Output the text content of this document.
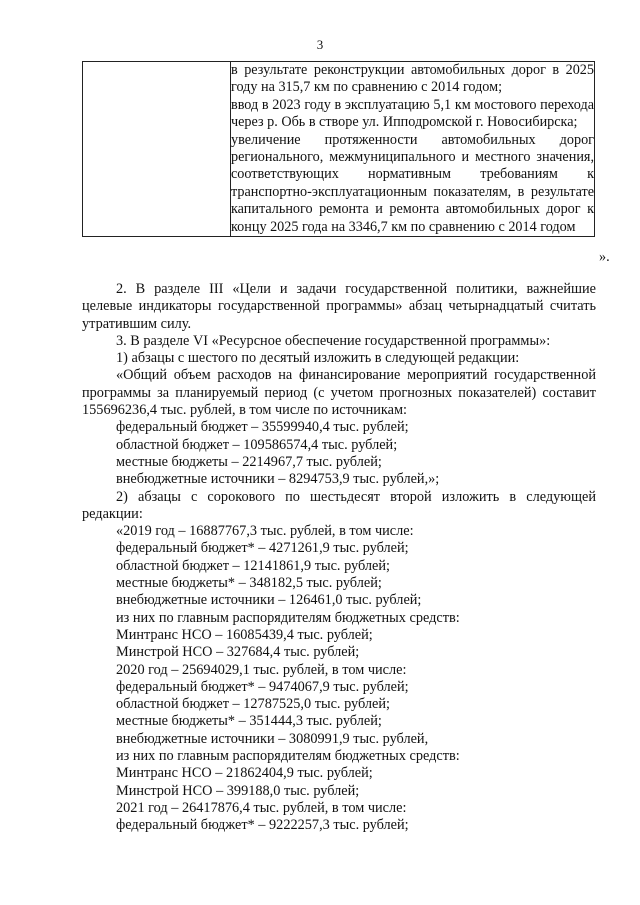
3

в результате реконструкции автомобильных дорог в 2025 году на 315,7 км по сравнению с 2014 годом;

ввод в 2023 году в эксплуатацию 5,1 км мостового перехода через р. Обь в створе ул. Ипподромской г. Новосибирска;

увеличение протяженности автомобильных дорог регионального, межмуниципального и местного значения, соответствующих нормативным требованиям к транспортно-эксплуатационным показателям, в результате капитального ремонта и ремонта автомобильных дорог к концу 2025 года на 3346,7 км по сравнению с 2014 годом

».

2. В разделе III «Цели и задачи государственной политики, важнейшие целевые индикаторы государственной программы» абзац четырнадцатый считать утратившим силу.

3. В разделе VI «Ресурсное обеспечение государственной программы»:

1) абзацы с шестого по десятый изложить в следующей редакции:

«Общий объем расходов на финансирование мероприятий государственной программы за планируемый период (с учетом прогнозных показателей) составит 155696236,4 тыс. рублей, в том числе по источникам:

федеральный бюджет – 35599940,4 тыс. рублей;

областной бюджет – 109586574,4 тыс. рублей;

местные бюджеты – 2214967,7 тыс. рублей;

внебюджетные источники – 8294753,9 тыс. рублей,»;

2) абзацы с сорокового по шестьдесят второй изложить в следующей редакции:

«2019 год – 16887767,3 тыс. рублей, в том числе:

федеральный бюджет* – 4271261,9 тыс. рублей;

областной бюджет – 12141861,9 тыс. рублей;

местные бюджеты* – 348182,5 тыс. рублей;

внебюджетные источники – 126461,0 тыс. рублей;

из них по главным распорядителям бюджетных средств:

Минтранс НСО – 16085439,4 тыс. рублей;

Минстрой НСО – 327684,4 тыс. рублей;

2020 год – 25694029,1 тыс. рублей, в том числе:

федеральный бюджет* – 9474067,9 тыс. рублей;

областной бюджет – 12787525,0 тыс. рублей;

местные бюджеты* – 351444,3 тыс. рублей;

внебюджетные источники – 3080991,9 тыс. рублей,

из них по главным распорядителям бюджетных средств:

Минтранс НСО – 21862404,9 тыс. рублей;

Минстрой НСО – 399188,0 тыс. рублей;

2021 год – 26417876,4 тыс. рублей, в том числе:

федеральный бюджет* – 9222257,3 тыс. рублей;
